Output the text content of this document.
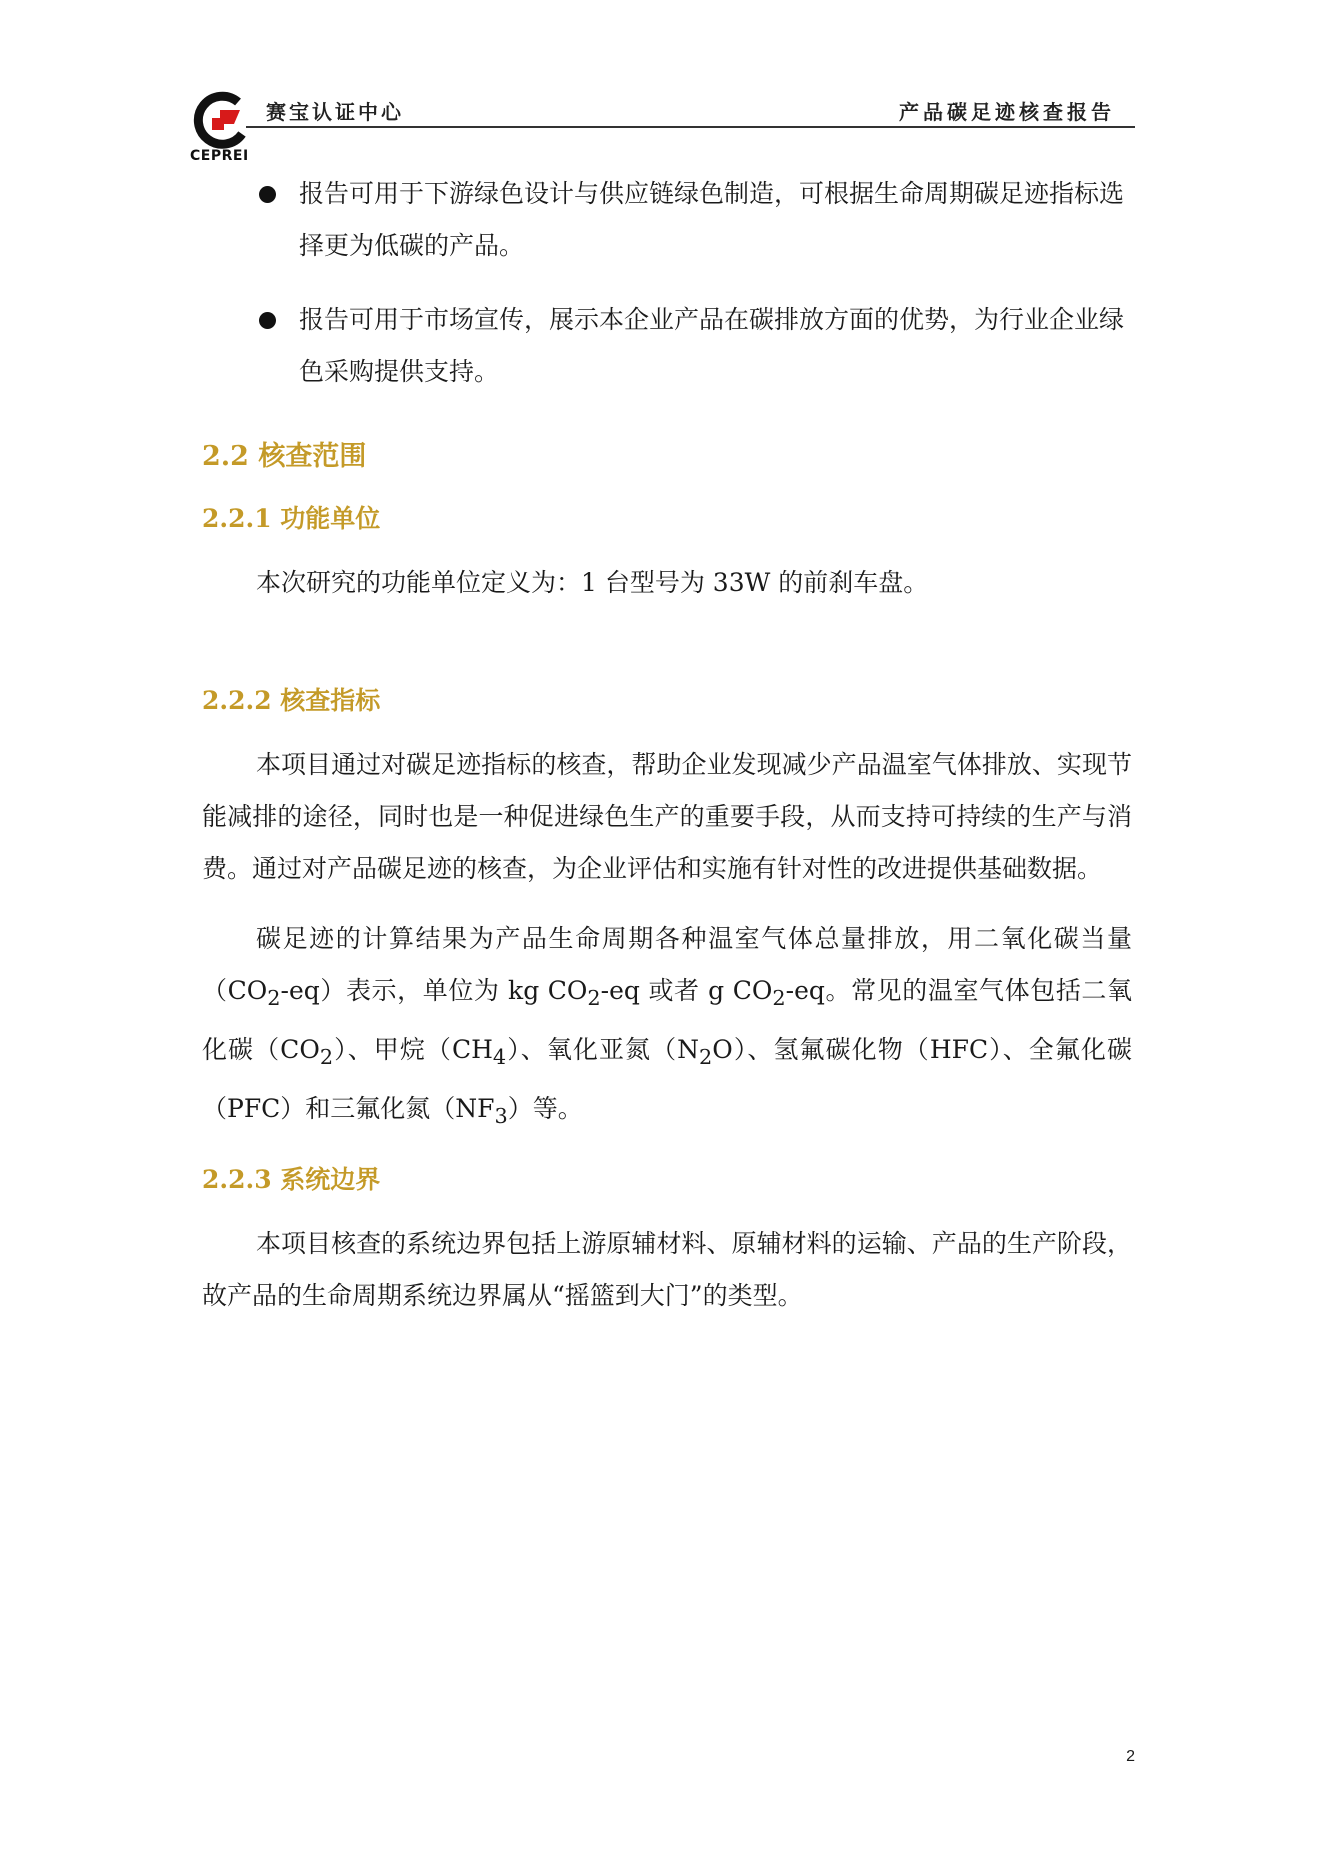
赛宝认证中心	产品碳足迹核查报告
CEPREI
报告可用于下游绿色设计与供应链绿色制造，可根据生命周期碳足迹指标选择更为低碳的产品。
报告可用于市场宣传，展示本企业产品在碳排放方面的优势，为行业企业绿色采购提供支持。
2.2 核查范围
2.2.1 功能单位

本次研究的功能单位定义为：1 台型号为 33W 的前刹车盘。

2.2.2 核查指标

本项目通过对碳足迹指标的核查，帮助企业发现减少产品温室气体排放、实现节能减排的途径，同时也是一种促进绿色生产的重要手段，从而支持可持续的生产与消费。通过对产品碳足迹的核查，为企业评估和实施有针对性的改进提供基础数据。

碳足迹的计算结果为产品生命周期各种温室气体总量排放，用二氧化碳当量$(CO_2-eq)$表示，单位为 kg $CO_2-eq$ 或者 g $CO_2-eq$。常见的温室气体包括二氧化碳$(CO_2)$、甲烷$(CH_4)$、氧化亚氮$(N_2O)$、氢氟碳化物（HFC）、全氟化碳（PFC）和三氟化氮$(NF_3)$等。

2.2.3 系统边界

本项目核查的系统边界包括上游原辅材料、原辅材料的运输、产品的生产阶段，故产品的生命周期系统边界属从“摇篮到大门”的类型。

2
